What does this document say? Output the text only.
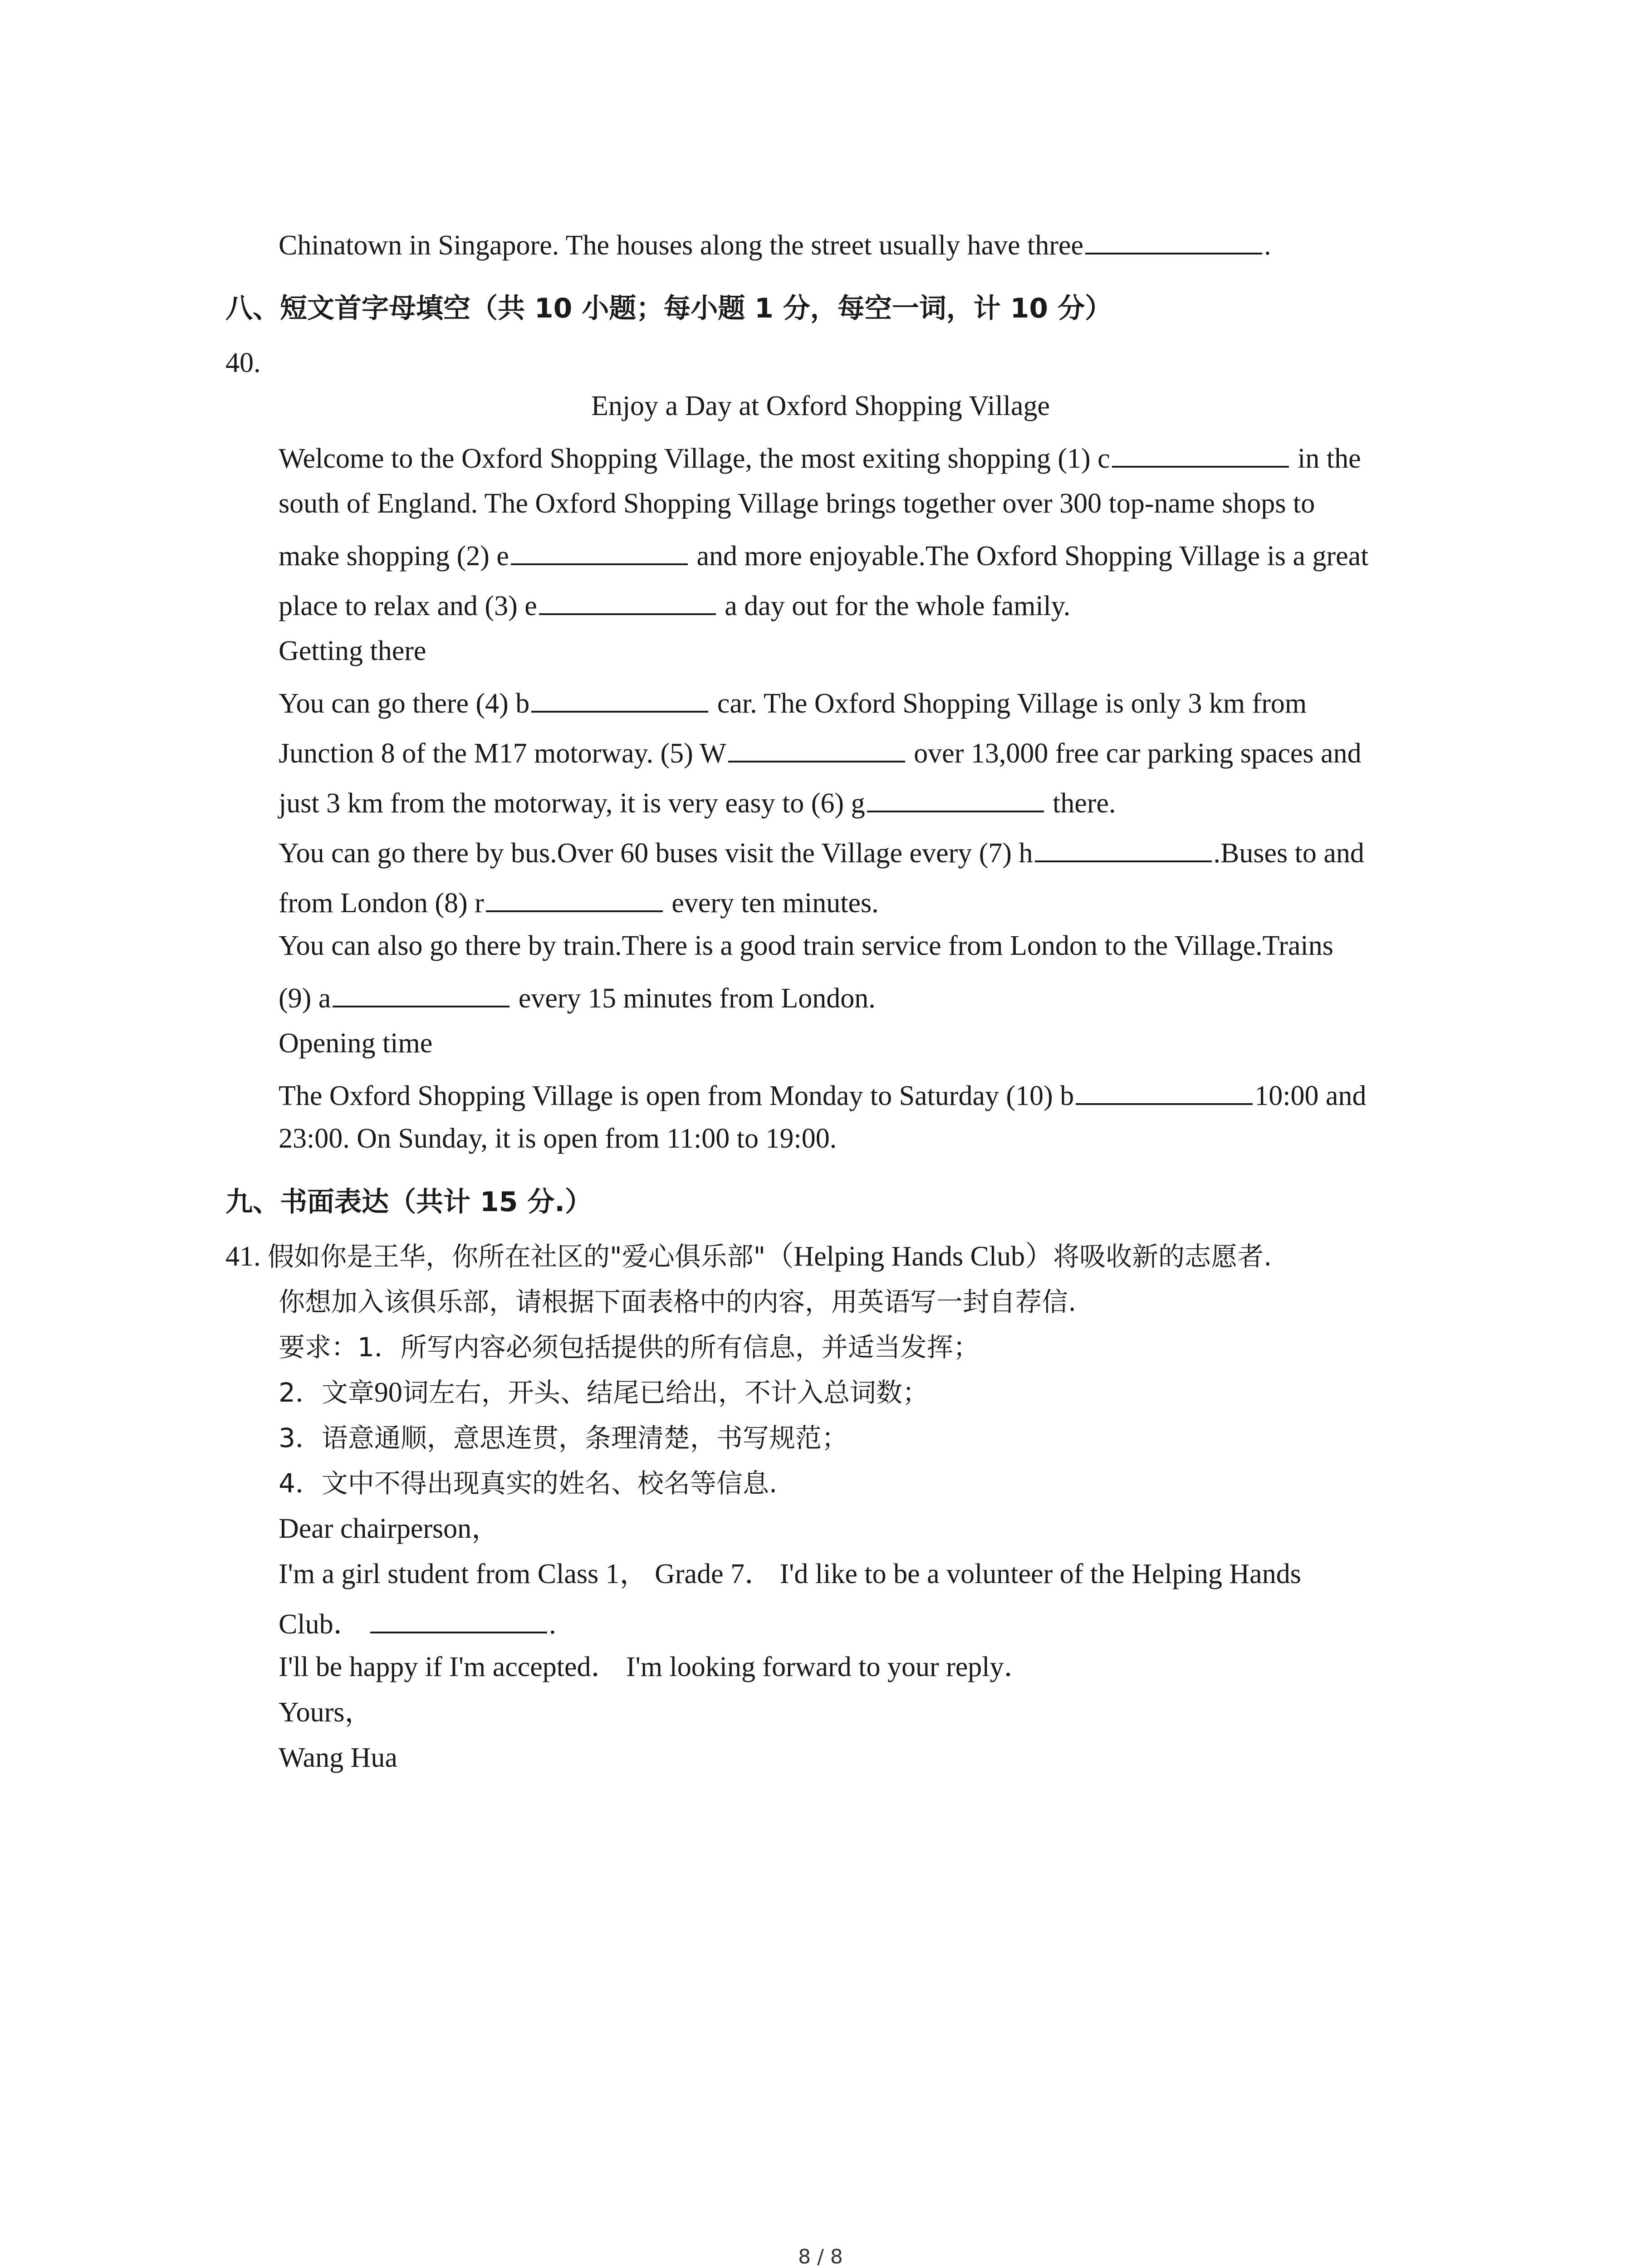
Chinatown in Singapore. The houses along the street usually have three	.
八、短文首字母填空（共 10 小题；每小题 1 分，每空一词，计 10 分）
40.
Enjoy a Day at Oxford Shopping Village
Welcome to the Oxford Shopping Village, the most exiting shopping (1) c	in the
south of England. The Oxford Shopping Village brings together over 300 top-name shops to
make shopping (2) e	and more enjoyable.The Oxford Shopping Village is a great
place to relax and (3) e	a day out for the whole family.
Getting there
You can go there (4) b	car. The Oxford Shopping Village is only 3 km from
Junction 8 of the M17 motorway. (5) W	over 13,000 free car parking spaces and
just 3 km from the motorway, it is very easy to (6) g	there.
You can go there by bus.Over 60 buses visit the Village every (7) h	.Buses to and
from London (8) r	every ten minutes.
You can also go there by train.There is a good train service from London to the Village.Trains
(9) a	every 15 minutes from London.
Opening time
The Oxford Shopping Village is open from Monday to Saturday (10) b	10:00 and
23:00. On Sunday, it is open from 11:00 to 19:00.
九、书面表达（共计 15 分.）
41. 假如你是王华，你所在社区的"爱心俱乐部"（Helping Hands Club）将吸收新的志愿者.
你想加入该俱乐部，请根据下面表格中的内容，用英语写一封自荐信.
要求：1．所写内容必须包括提供的所有信息，并适当发挥；
2．文章90词左右，开头、结尾已给出，不计入总词数；
3．语意通顺，意思连贯，条理清楚，书写规范；
4．文中不得出现真实的姓名、校名等信息.
Dear chairperson，
I'm a girl student from Class 1， Grade 7． I'd like to be a volunteer of the Helping Hands
Club．	.
I'll be happy if I'm accepted． I'm looking forward to your reply．
Yours，
Wang Hua
8 / 8
